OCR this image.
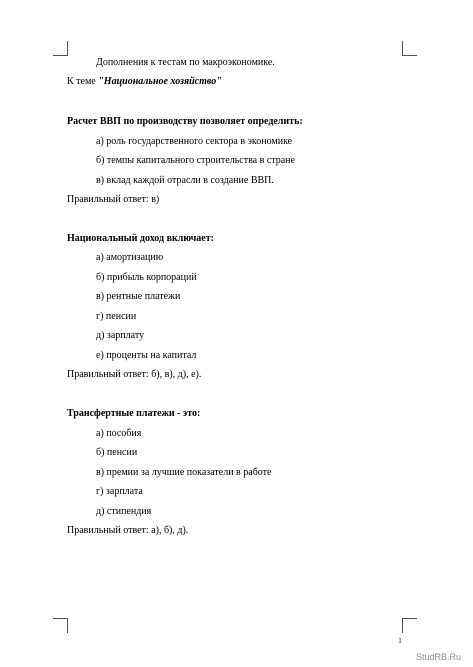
Дополнения к тестам по макроэкономике.
К теме "Национальное хозяйство"
Расчет ВВП по производству позволяет определить:
а) роль государственного сектора в экономике
б) темпы капитального строительства в стране
в) вклад каждой отрасли в создание ВВП.
Правильный ответ: в)
Национальный доход включает:
а) амортизацию
б) прибыль корпораций
в) рентные платежи
г) пенсии
д) зарплату
е) проценты на капитал
Правильный ответ: б), в), д), е).
Трансфертные платежи - это:
а) пособия
б) пенсии
в) премии за лучшие показатели в работе
г) зарплата
д) стипендия
Правильный ответ: а), б), д).
1
StudRB.Ru
